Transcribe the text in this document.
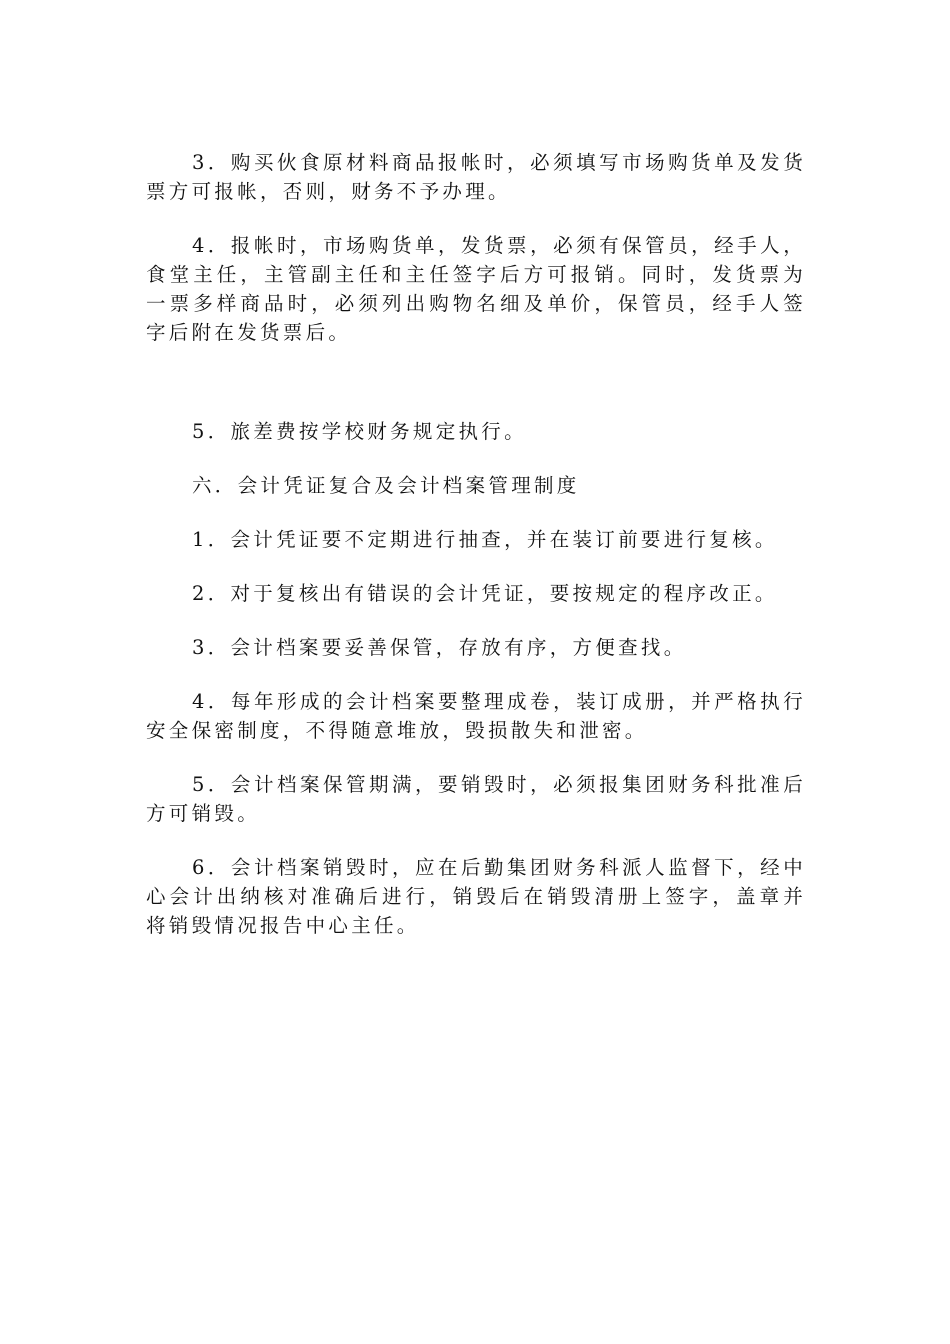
3．购买伙食原材料商品报帐时，必须填写市场购货单及发货票方可报帐，否则，财务不予办理。

4．报帐时，市场购货单，发货票，必须有保管员，经手人，食堂主任，主管副主任和主任签字后方可报销。同时，发货票为一票多样商品时，必须列出购物名细及单价，保管员，经手人签字后附在发货票后。

5．旅差费按学校财务规定执行。

六．会计凭证复合及会计档案管理制度

1．会计凭证要不定期进行抽查，并在装订前要进行复核。

2．对于复核出有错误的会计凭证，要按规定的程序改正。

3．会计档案要妥善保管，存放有序，方便查找。

4．每年形成的会计档案要整理成卷，装订成册，并严格执行安全保密制度，不得随意堆放，毁损散失和泄密。

5．会计档案保管期满，要销毁时，必须报集团财务科批准后方可销毁。

6．会计档案销毁时，应在后勤集团财务科派人监督下，经中心会计出纳核对准确后进行，销毁后在销毁清册上签字，盖章并将销毁情况报告中心主任。
